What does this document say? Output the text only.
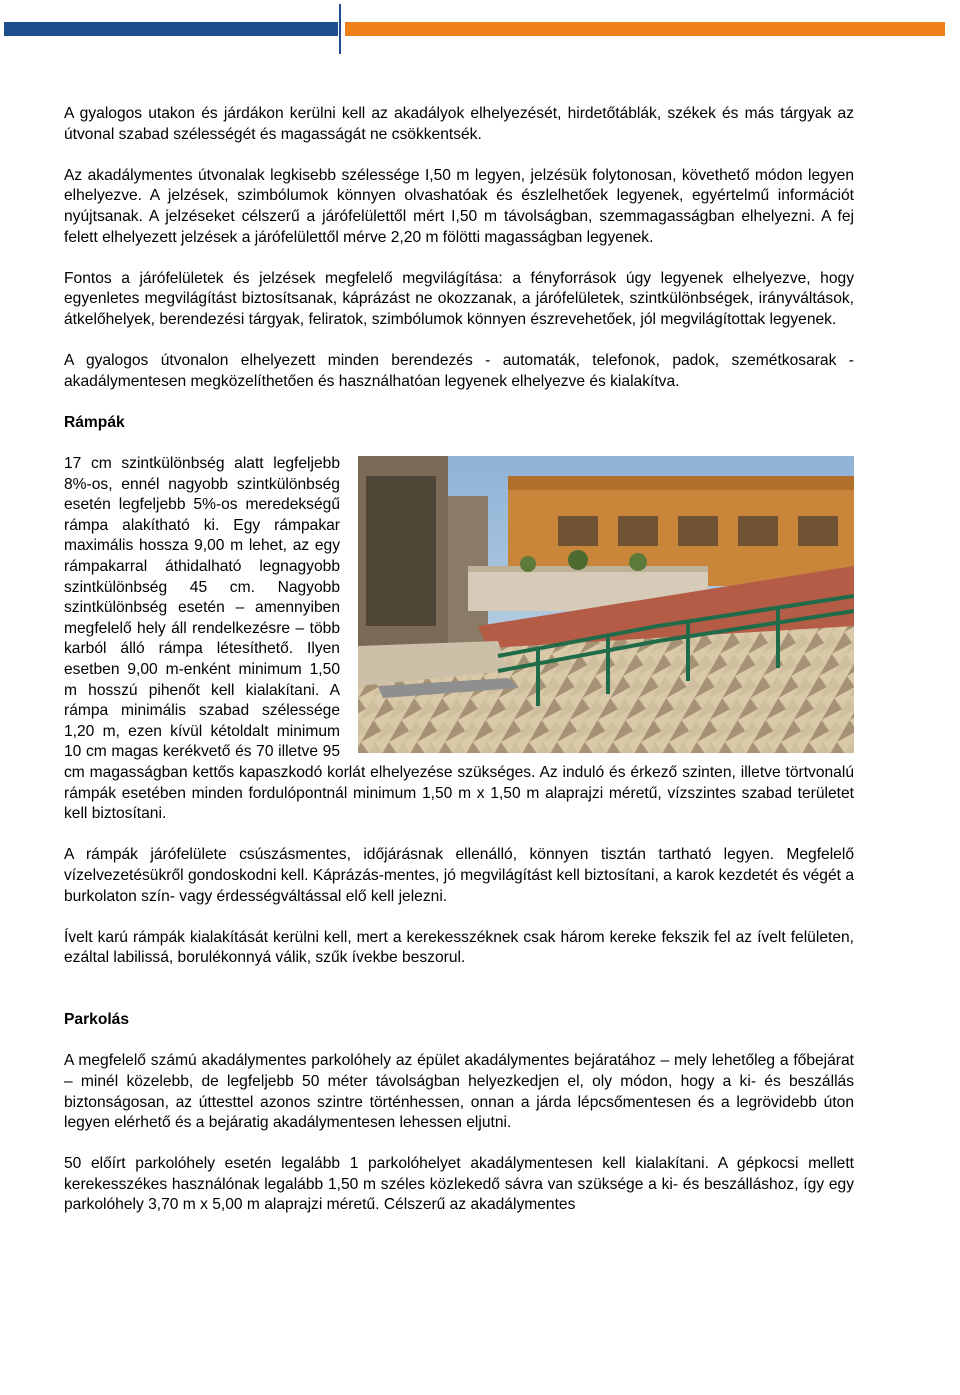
A gyalogos utakon és járdákon kerülni kell az akadályok elhelyezését, hirdetőtáblák, székek és más tárgyak az útvonal szabad szélességét és magasságát ne csökkentsék.

Az akadálymentes útvonalak legkisebb szélessége I,50 m legyen, jelzésük folytonosan, követhető módon legyen elhelyezve. A jelzések, szimbólumok könnyen olvashatóak és észlelhetőek legyenek, egyértelmű információt nyújtsanak. A jelzéseket célszerű a járófelülettől mért I,50 m távolságban, szemmagasságban elhelyezni. A fej felett elhelyezett jelzések a járófelülettől mérve 2,20 m fölötti magasságban legyenek.

Fontos a járófelületek és jelzések megfelelő megvilágítása: a fényforrások úgy legyenek elhelyezve, hogy egyenletes megvilágítást biztosítsanak, káprázást ne okozzanak, a járófelületek, szintkülönbségek, irányváltások, átkelőhelyek, berendezési tárgyak, feliratok, szimbólumok könnyen észrevehetőek, jól megvilágítottak legyenek.

A gyalogos útvonalon elhelyezett minden berendezés - automaták, telefonok, padok, szemétkosarak - akadálymentesen megközelíthetően és használhatóan legyenek elhelyezve és kialakítva.

Rámpák

17 cm szintkülönbség alatt legfeljebb 8%-os, ennél nagyobb szintkülönbség esetén legfeljebb 5%-os meredekségű rámpa alakítható ki. Egy rámpakar maximális hossza 9,00 m lehet, az egy rámpakarral áthidalható legnagyobb szintkülönbség 45 cm. Nagyobb szintkülönbség esetén – amennyiben megfelelő hely áll rendelkezésre – több karból álló rámpa létesíthető. Ilyen esetben 9,00 m-enként minimum 1,50 m hosszú pihenőt kell kialakítani. A rámpa minimális szabad szélessége 1,20 m, ezen kívül kétoldalt minimum 10 cm magas kerékvető és 70 illetve 95 cm magasságban kettős kapaszkodó korlát elhelyezése szükséges. Az induló és érkező szinten, illetve törtvonalú rámpák esetében minden fordulópontnál minimum 1,50 m x 1,50 m alaprajzi méretű, vízszintes szabad területet kell biztosítani.

A rámpák járófelülete csúszásmentes, időjárásnak ellenálló, könnyen tisztán tartható legyen. Megfelelő vízelvezetésükről gondoskodni kell. Káprázás-mentes, jó megvilágítást kell biztosítani, a karok kezdetét és végét a burkolaton szín- vagy érdességváltással elő kell jelezni.

Ívelt karú rámpák kialakítását kerülni kell, mert a kerekesszéknek csak három kereke fekszik fel az ívelt felületen, ezáltal labilissá, borulékonnyá válik, szűk ívekbe beszorul.

Parkolás

A megfelelő számú akadálymentes parkolóhely az épület akadálymentes bejáratához – mely lehetőleg a főbejárat – minél közelebb, de legfeljebb 50 méter távolságban helyezkedjen el, oly módon, hogy a ki- és beszállás biztonságosan, az úttesttel azonos szintre történhessen, onnan a járda lépcsőmentesen és a legrövidebb úton legyen elérhető és a bejáratig akadálymentesen lehessen eljutni.

50 előírt parkolóhely esetén legalább 1 parkolóhelyet akadálymentesen kell kialakítani. A gépkocsi mellett kerekesszékes használónak legalább 1,50 m széles közlekedő sávra van szüksége a ki- és beszálláshoz, így egy parkolóhely 3,70 m x 5,00 m alaprajzi méretű. Célszerű az akadálymentes
